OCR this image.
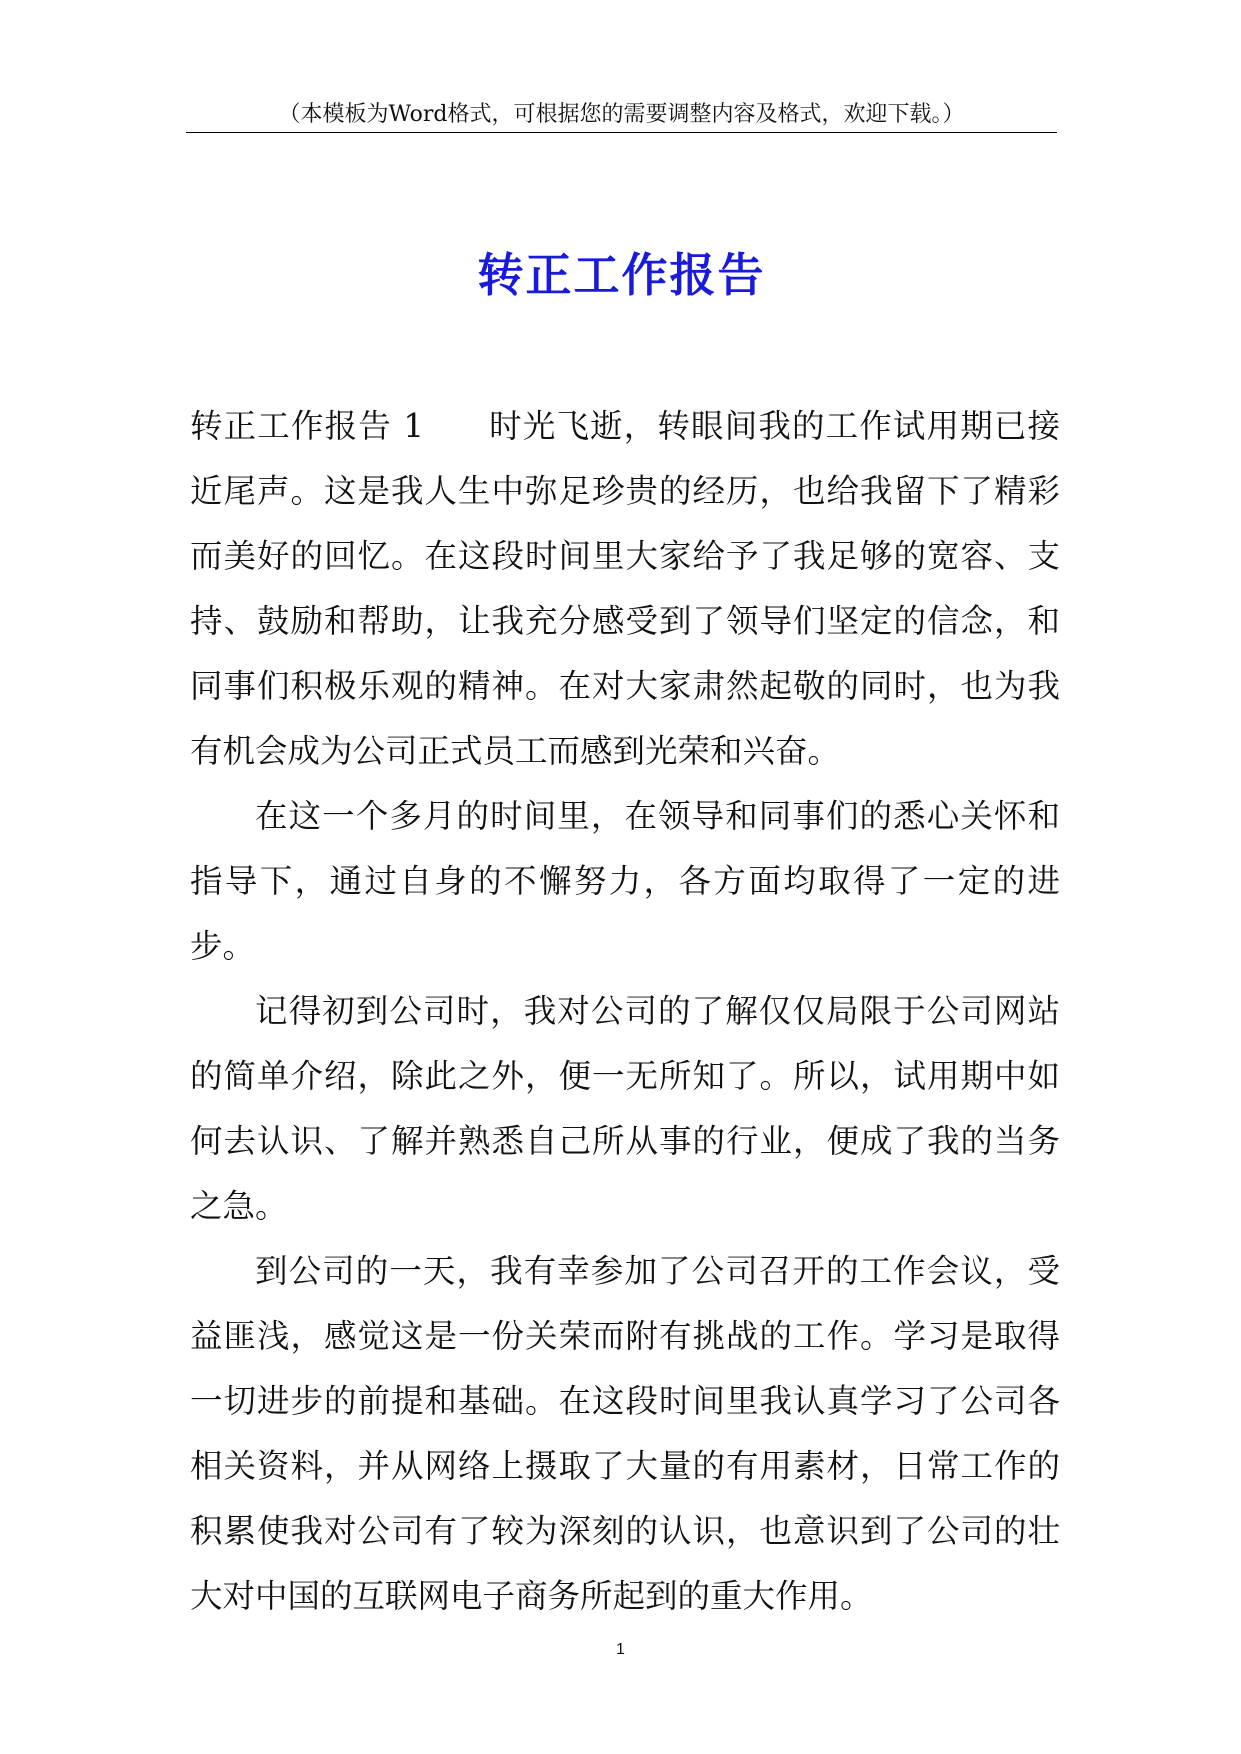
（本模板为Word格式，可根据您的需要调整内容及格式，欢迎下载。）
转正工作报告

转正工作报告 1 时光飞逝，转眼间我的工作试用期已接近尾声。这是我人生中弥足珍贵的经历，也给我留下了精彩而美好的回忆。在这段时间里大家给予了我足够的宽容、支持、鼓励和帮助，让我充分感受到了领导们坚定的信念，和同事们积极乐观的精神。在对大家肃然起敬的同时，也为我有机会成为公司正式员工而感到光荣和兴奋。

在这一个多月的时间里，在领导和同事们的悉心关怀和指导下，通过自身的不懈努力，各方面均取得了一定的进步。

记得初到公司时，我对公司的了解仅仅局限于公司网站的简单介绍，除此之外，便一无所知了。所以，试用期中如何去认识、了解并熟悉自己所从事的行业，便成了我的当务之急。

到公司的一天，我有幸参加了公司召开的工作会议，受益匪浅，感觉这是一份关荣而附有挑战的工作。学习是取得一切进步的前提和基础。在这段时间里我认真学习了公司各相关资料，并从网络上摄取了大量的有用素材，日常工作的积累使我对公司有了较为深刻的认识，也意识到了公司的壮大对中国的互联网电子商务所起到的重大作用。

1
